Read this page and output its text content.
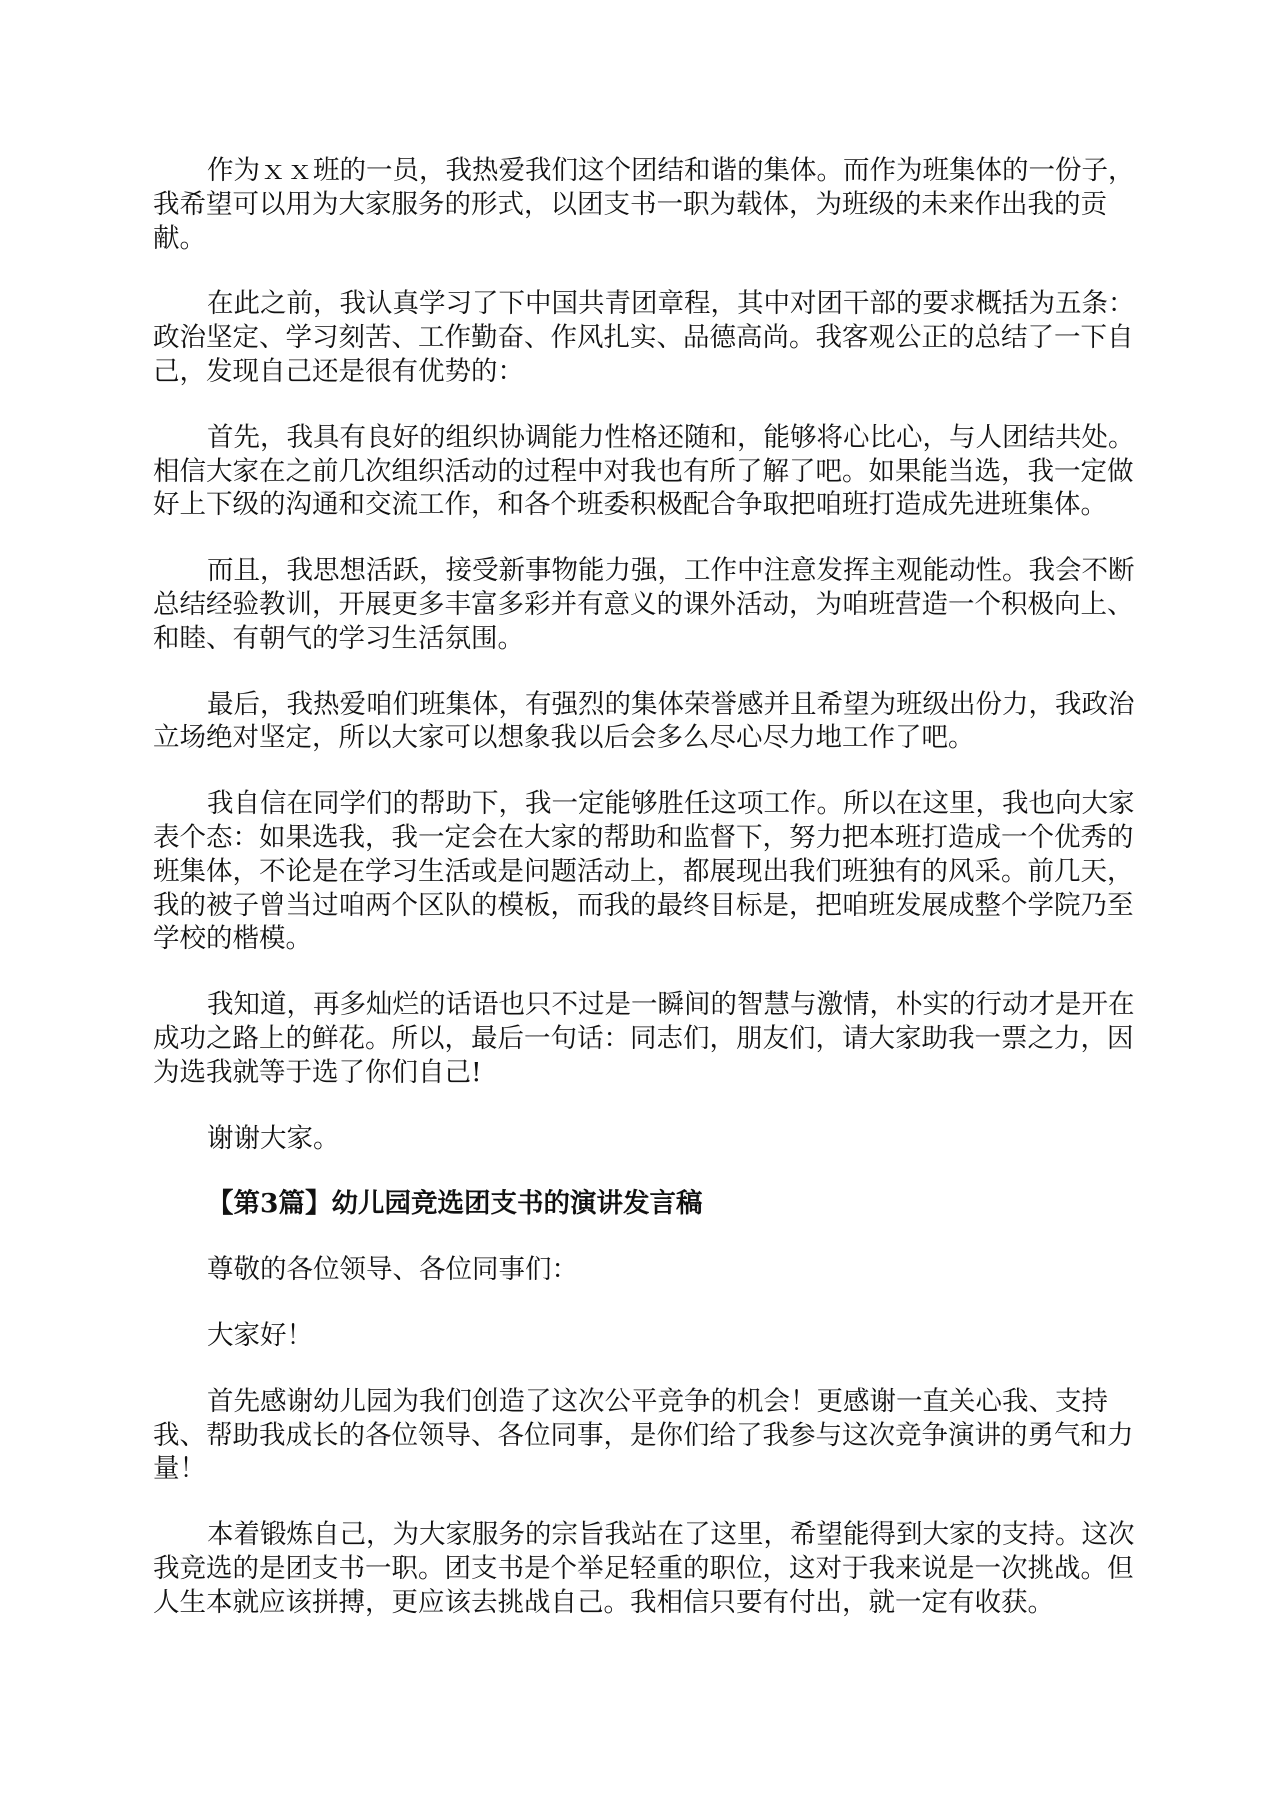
作为ｘｘ班的一员，我热爱我们这个团结和谐的集体。而作为班集体的一份子，
我希望可以用为大家服务的形式，以团支书一职为载体，为班级的未来作出我的贡
献。

在此之前，我认真学习了下中国共青团章程，其中对团干部的要求概括为五条：
政治坚定、学习刻苦、工作勤奋、作风扎实、品德高尚。我客观公正的总结了一下自
己，发现自己还是很有优势的：

首先，我具有良好的组织协调能力性格还随和，能够将心比心，与人团结共处。
相信大家在之前几次组织活动的过程中对我也有所了解了吧。如果能当选，我一定做
好上下级的沟通和交流工作，和各个班委积极配合争取把咱班打造成先进班集体。

而且，我思想活跃，接受新事物能力强，工作中注意发挥主观能动性。我会不断
总结经验教训，开展更多丰富多彩并有意义的课外活动，为咱班营造一个积极向上、
和睦、有朝气的学习生活氛围。

最后，我热爱咱们班集体，有强烈的集体荣誉感并且希望为班级出份力，我政治
立场绝对坚定，所以大家可以想象我以后会多么尽心尽力地工作了吧。

我自信在同学们的帮助下，我一定能够胜任这项工作。所以在这里，我也向大家
表个态：如果选我，我一定会在大家的帮助和监督下，努力把本班打造成一个优秀的
班集体，不论是在学习生活或是问题活动上，都展现出我们班独有的风采。前几天，
我的被子曾当过咱两个区队的模板，而我的最终目标是，把咱班发展成整个学院乃至
学校的楷模。

我知道，再多灿烂的话语也只不过是一瞬间的智慧与激情，朴实的行动才是开在
成功之路上的鲜花。所以，最后一句话：同志们，朋友们，请大家助我一票之力，因
为选我就等于选了你们自己!

谢谢大家。

【第3篇】幼儿园竞选团支书的演讲发言稿

尊敬的各位领导、各位同事们：

大家好！

首先感谢幼儿园为我们创造了这次公平竞争的机会！更感谢一直关心我、支持
我、帮助我成长的各位领导、各位同事，是你们给了我参与这次竞争演讲的勇气和力
量！

本着锻炼自己，为大家服务的宗旨我站在了这里，希望能得到大家的支持。这次
我竞选的是团支书一职。团支书是个举足轻重的职位，这对于我来说是一次挑战。但
人生本就应该拼搏，更应该去挑战自己。我相信只要有付出，就一定有收获。
